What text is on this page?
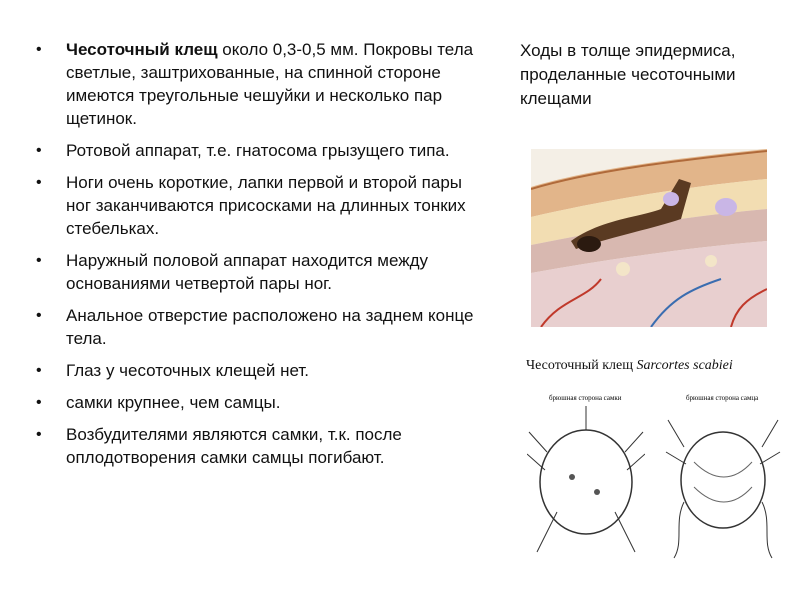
• Чесоточный клещ около 0,3-0,5 мм. Покровы тела светлые, заштрихованные, на спинной стороне имеются треугольные чешуйки и несколько пар щетинок.
• Ротовой аппарат, т.е. гнатосома грызущего типа.
• Ноги очень короткие, лапки первой и второй пары ног заканчиваются присосками на длинных тонких стебельках.
• Наружный половой аппарат находится между основаниями четвертой пары ног.
• Анальное отверстие расположено на заднем конце тела.
• Глаз у чесоточных клещей нет.
• самки крупнее, чем самцы.
• Возбудителями являются самки, т.к. после оплодотворения самки самцы погибают.
Ходы в толще эпидермиса, проделанные чесоточными клещами
Чесоточный клещ Sarcortes scabiei
брюшная сторона самки	брюшная сторона самца
